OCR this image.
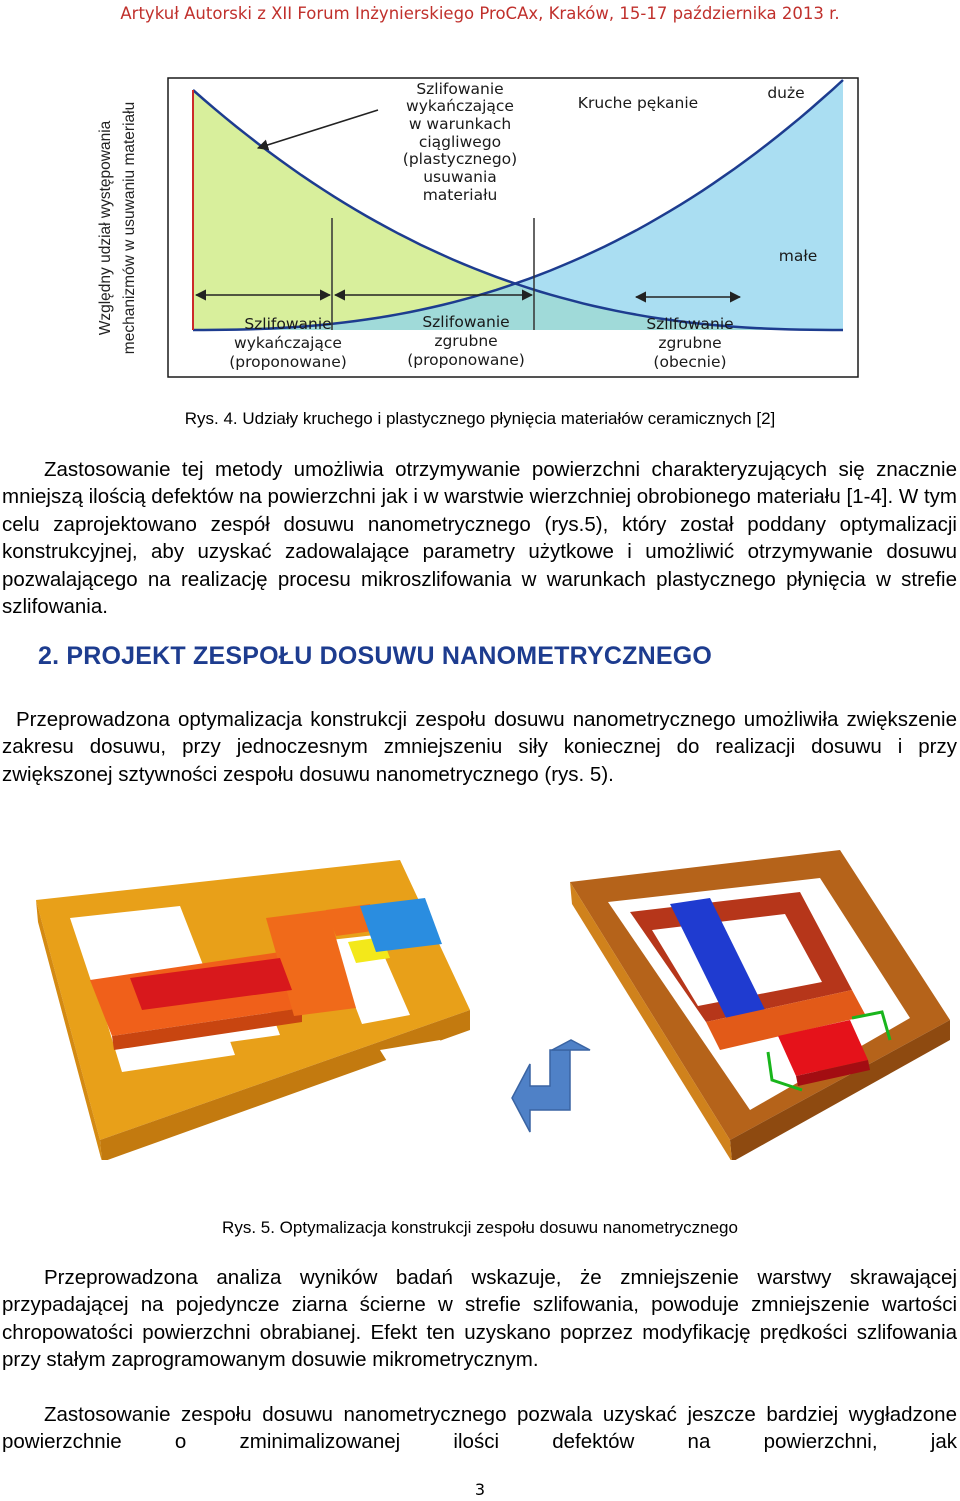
Artykuł Autorski z XII Forum Inżynierskiego ProCAx, Kraków, 15-17 października 2013 r.
Względny udział występowania mechanizmów w usuwaniu materiału
Szlifowanie
wykańczające
w warunkach
ciągliwego
(plastycznego)
usuwania
materiału
Kruche pękanie
duże
małe
Szlifowanie
wykańczające
(proponowane)
Szlifowanie
zgrubne
(proponowane)
Szlifowanie
zgrubne
(obecnie)
Rys. 4. Udziały kruchego i plastycznego płynięcia materiałów ceramicznych [2]

Zastosowanie tej metody umożliwia otrzymywanie powierzchni charakteryzujących się znacznie mniejszą ilością defektów na powierzchni jak i w warstwie wierzchniej obrobionego materiału [1-4]. W tym celu zaprojektowano zespół dosuwu nanometrycznego (rys.5), który został poddany optymalizacji konstrukcyjnej, aby uzyskać zadowalające parametry użytkowe i umożliwić otrzymywanie dosuwu pozwalającego na realizację procesu mikroszlifowania w warunkach plastycznego płynięcia w strefie szlifowania.

2. PROJEKT ZESPOŁU DOSUWU NANOMETRYCZNEGO

Przeprowadzona optymalizacja konstrukcji zespołu dosuwu nanometrycznego umożliwiła zwiększenie zakresu dosuwu, przy jednoczesnym zmniejszeniu siły koniecznej do realizacji dosuwu i przy zwiększonej sztywności zespołu dosuwu nanometrycznego (rys. 5).

Rys. 5. Optymalizacja konstrukcji zespołu dosuwu nanometrycznego

Przeprowadzona analiza wyników badań wskazuje, że zmniejszenie warstwy skrawającej przypadającej na pojedyncze ziarna ścierne w strefie szlifowania, powoduje zmniejszenie wartości chropowatości powierzchni obrabianej. Efekt ten uzyskano poprzez modyfikację prędkości szlifowania przy stałym zaprogramowanym dosuwie mikrometrycznym.

Zastosowanie zespołu dosuwu nanometrycznego pozwala uzyskać jeszcze bardziej wygładzone powierzchnie o zminimalizowanej ilości defektów na powierzchni, jak

3
